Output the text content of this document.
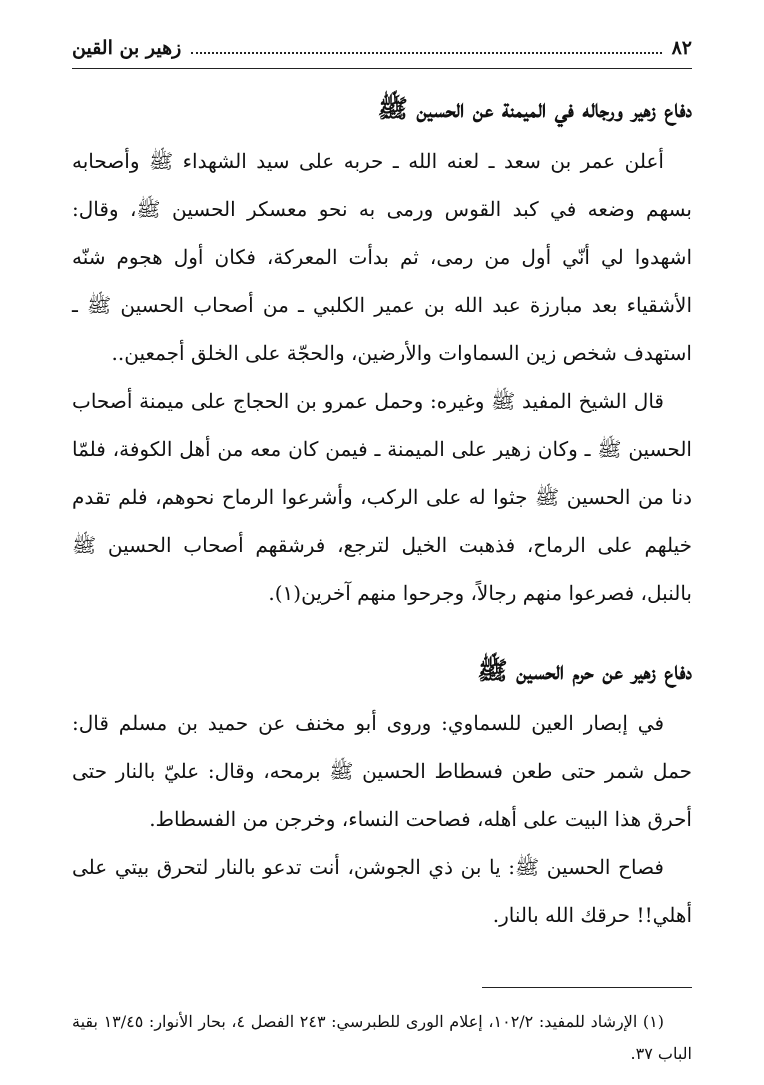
٨٢
زهير بن القين
دفاع زهير ورجاله في الميمنة عن الحسين ﷺ

أعلن عمر بن سعد ـ لعنه الله ـ حربه على سيد الشهداء ﷺ وأصحابه بسهم وضعه في كبد القوس ورمى به نحو معسكر الحسين ﷺ، وقال: اشهدوا لي أنّي أول من رمى، ثم بدأت المعركة، فكان أول هجوم شنّه الأشقياء بعد مبارزة عبد الله بن عمير الكلبي ـ من أصحاب الحسين ﷺ ـ استهدف شخص زين السماوات والأرضين، والحجّة على الخلق أجمعين..

قال الشيخ المفيد ﷺ وغيره: وحمل عمرو بن الحجاج على ميمنة أصحاب الحسين ﷺ ـ وكان زهير على الميمنة ـ فيمن كان معه من أهل الكوفة، فلمّا دنا من الحسين ﷺ جثوا له على الركب، وأشرعوا الرماح نحوهم، فلم تقدم خيلهم على الرماح، فذهبت الخيل لترجع، فرشقهم أصحاب الحسين ﷺ بالنبل، فصرعوا منهم رجالاً، وجرحوا منهم آخرين(١).

دفاع زهير عن حرم الحسين ﷺ

في إبصار العين للسماوي: وروى أبو مخنف عن حميد بن مسلم قال: حمل شمر حتى طعن فسطاط الحسين ﷺ برمحه، وقال: عليّ بالنار حتى أحرق هذا البيت على أهله، فصاحت النساء، وخرجن من الفسطاط.

فصاح الحسين ﷺ: يا بن ذي الجوشن، أنت تدعو بالنار لتحرق بيتي على أهلي!! حرقك الله بالنار.

(١) الإرشاد للمفيد: ١٠٢/٢، إعلام الورى للطبرسي: ٢٤٣ الفصل ٤، بحار الأنوار: ١٣/٤٥ بقية الباب ٣٧.
